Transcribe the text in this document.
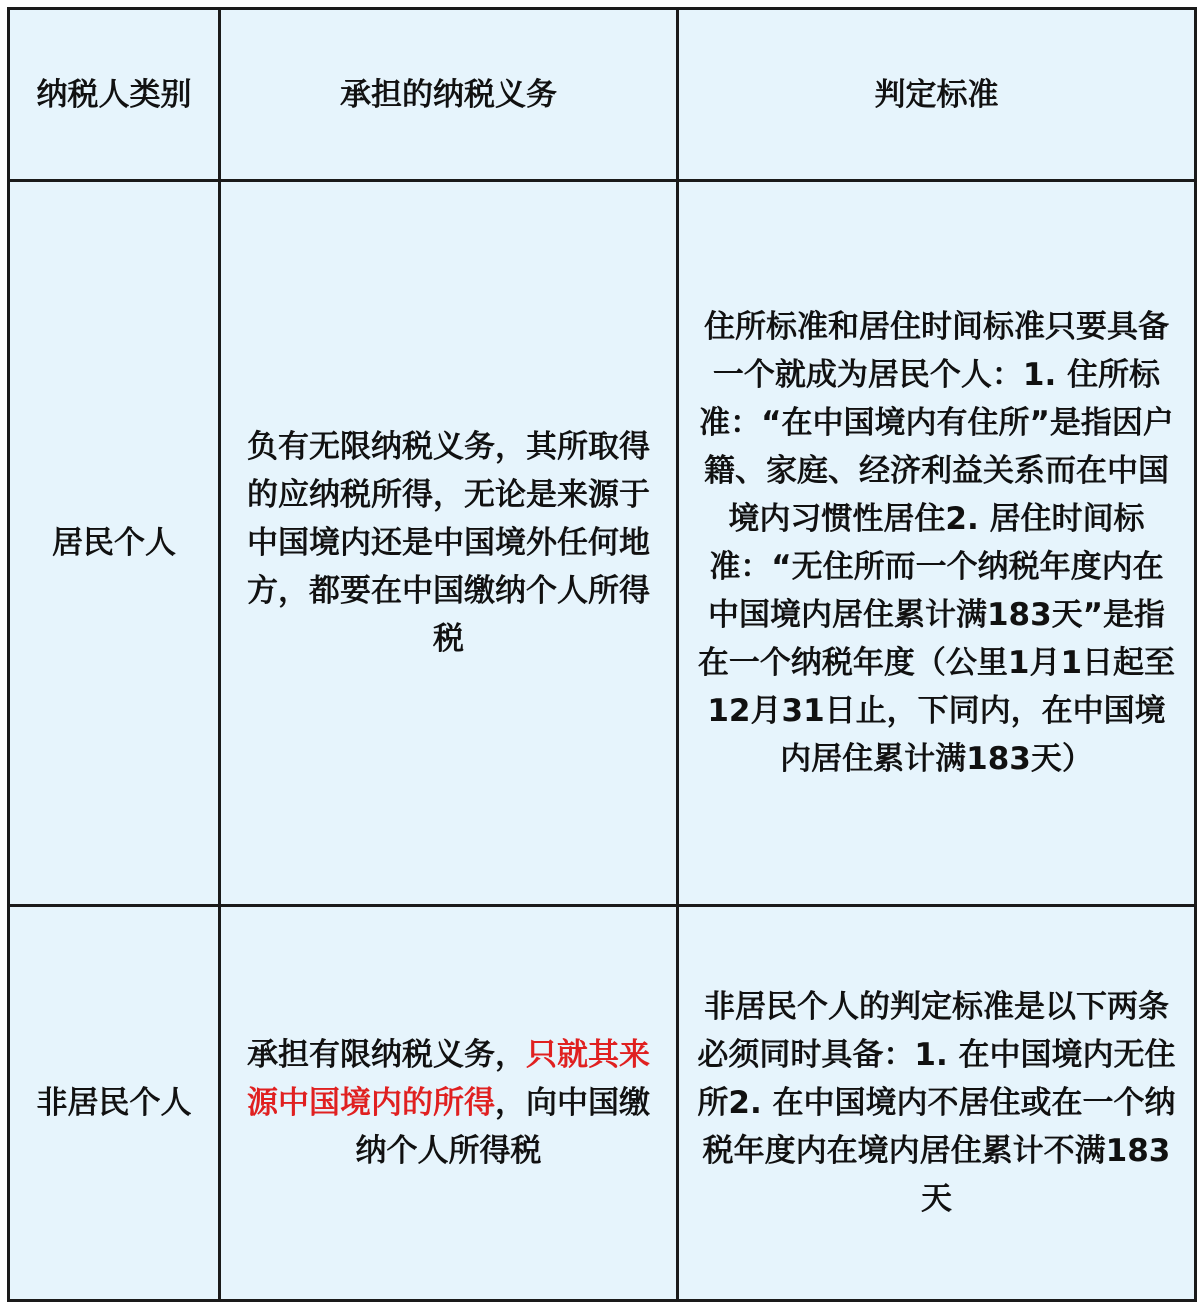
纳税人类别	承担的纳税义务	判定标准
居民个人	负有无限纳税义务，其所取得的应纳税所得，无论是来源于中国境内还是中国境外任何地方，都要在中国缴纳个人所得税	住所标准和居住时间标准只要具备一个就成为居民个人：1. 住所标准：“在中国境内有住所”是指因户籍、家庭、经济利益关系而在中国境内习惯性居住2. 居住时间标准：“无住所而一个纳税年度内在中国境内居住累计满183天”是指在一个纳税年度（公里1月1日起至12月31日止，下同内，在中国境内居住累计满183天）
非居民个人	承担有限纳税义务，只就其来源中国境内的所得，向中国缴纳个人所得税	非居民个人的判定标准是以下两条必须同时具备：1. 在中国境内无住所2. 在中国境内不居住或在一个纳税年度内在境内居住累计不满183天
